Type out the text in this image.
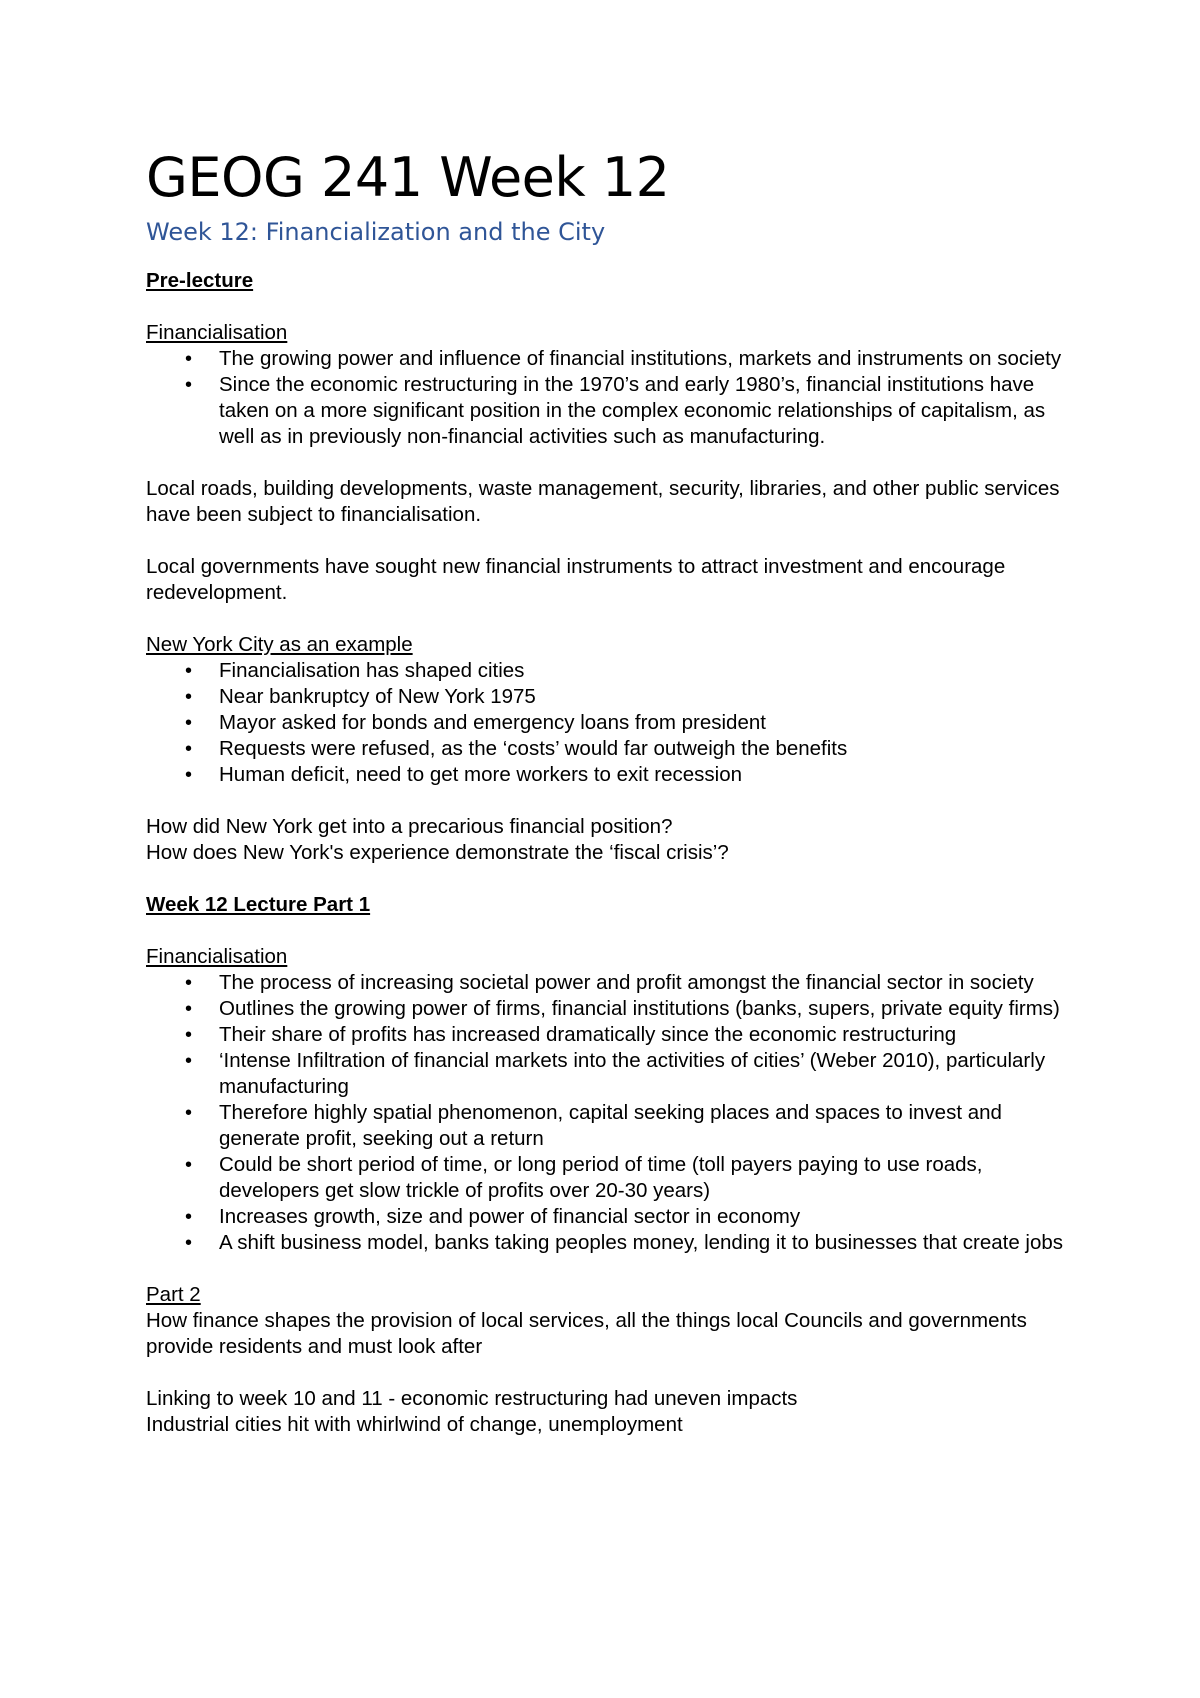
GEOG 241 Week 12
Week 12: Financialization and the City

Pre-lecture

Financialisation

• The growing power and influence of financial institutions, markets and instruments on society
• Since the economic restructuring in the 1970’s and early 1980’s, financial institutions have taken on a more significant position in the complex economic relationships of capitalism, as well as in previously non-financial activities such as manufacturing.

Local roads, building developments, waste management, security, libraries, and other public services have been subject to financialisation.

Local governments have sought new financial instruments to attract investment and encourage redevelopment.

New York City as an example

• Financialisation has shaped cities
• Near bankruptcy of New York 1975
• Mayor asked for bonds and emergency loans from president
• Requests were refused, as the ‘costs’ would far outweigh the benefits
• Human deficit, need to get more workers to exit recession

How did New York get into a precarious financial position?

How does New York's experience demonstrate the ‘fiscal crisis’?

Week 12 Lecture Part 1

Financialisation

• The process of increasing societal power and profit amongst the financial sector in society
• Outlines the growing power of firms, financial institutions (banks, supers, private equity firms)
• Their share of profits has increased dramatically since the economic restructuring
• ‘Intense Infiltration of financial markets into the activities of cities’ (Weber 2010), particularly manufacturing
• Therefore highly spatial phenomenon, capital seeking places and spaces to invest and generate profit, seeking out a return
• Could be short period of time, or long period of time (toll payers paying to use roads, developers get slow trickle of profits over 20-30 years)
• Increases growth, size and power of financial sector in economy
• A shift business model, banks taking peoples money, lending it to businesses that create jobs

Part 2

How finance shapes the provision of local services, all the things local Councils and governments provide residents and must look after

Linking to week 10 and 11 - economic restructuring had uneven impacts

Industrial cities hit with whirlwind of change, unemployment
